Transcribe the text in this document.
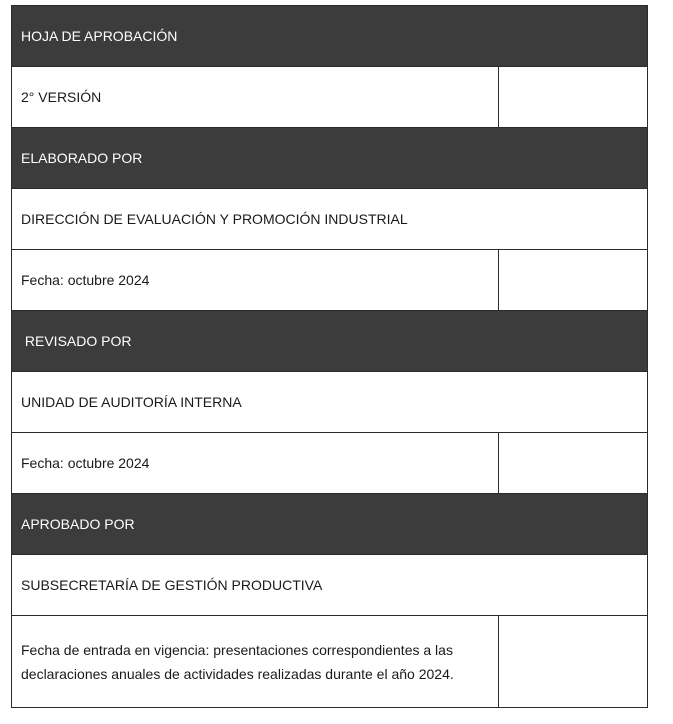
HOJA DE APROBACIÓN	
2° VERSIÓN	
ELABORADO POR	
DIRECCIÓN DE EVALUACIÓN Y PROMOCIÓN INDUSTRIAL	
Fecha: octubre 2024	
REVISADO POR	
UNIDAD DE AUDITORÍA INTERNA	
Fecha: octubre 2024	
APROBADO POR	
SUBSECRETARÍA DE GESTIÓN PRODUCTIVA	

Fecha de entrada en vigencia: presentaciones correspondientes a las
declaraciones anuales de actividades realizadas durante el año 2024.	
